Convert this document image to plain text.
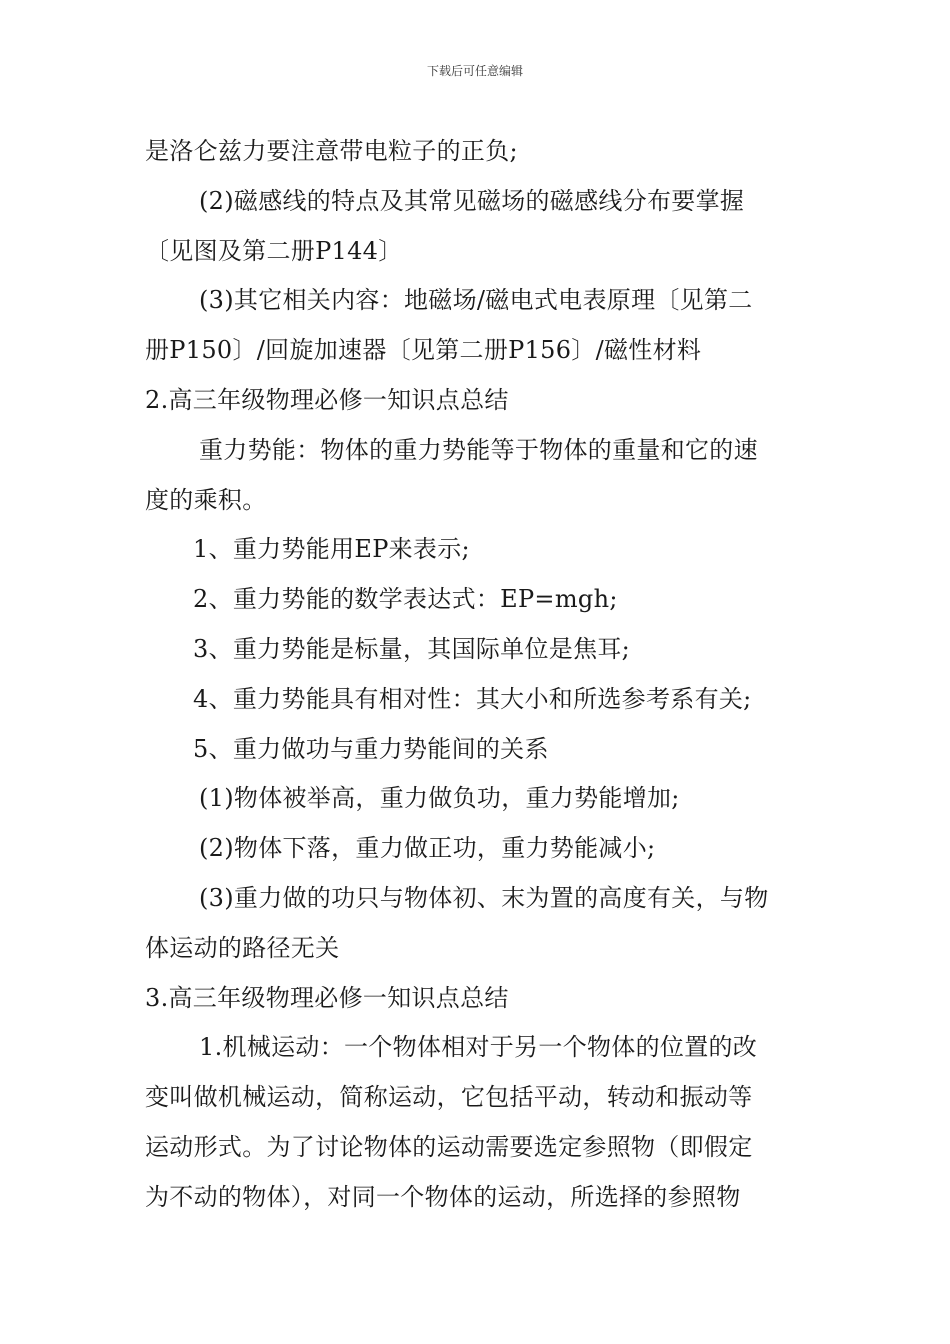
下载后可任意编辑
是洛仑兹力要注意带电粒子的正负;
(2)磁感线的特点及其常见磁场的磁感线分布要掌握
〔见图及第二册P144〕
(3)其它相关内容：地磁场/磁电式电表原理〔见第二
册P150〕/回旋加速器〔见第二册P156〕/磁性材料
2.高三年级物理必修一知识点总结
重力势能：物体的重力势能等于物体的重量和它的速
度的乘积。
1、重力势能用EP来表示;
2、重力势能的数学表达式：EP=mgh;
3、重力势能是标量，其国际单位是焦耳;
4、重力势能具有相对性：其大小和所选参考系有关;
5、重力做功与重力势能间的关系
(1)物体被举高，重力做负功，重力势能增加;
(2)物体下落，重力做正功，重力势能减小;
(3)重力做的功只与物体初、末为置的高度有关，与物
体运动的路径无关
3.高三年级物理必修一知识点总结
1.机械运动：一个物体相对于另一个物体的位置的改
变叫做机械运动，简称运动，它包括平动，转动和振动等
运动形式。为了讨论物体的运动需要选定参照物（即假定
为不动的物体），对同一个物体的运动，所选择的参照物
